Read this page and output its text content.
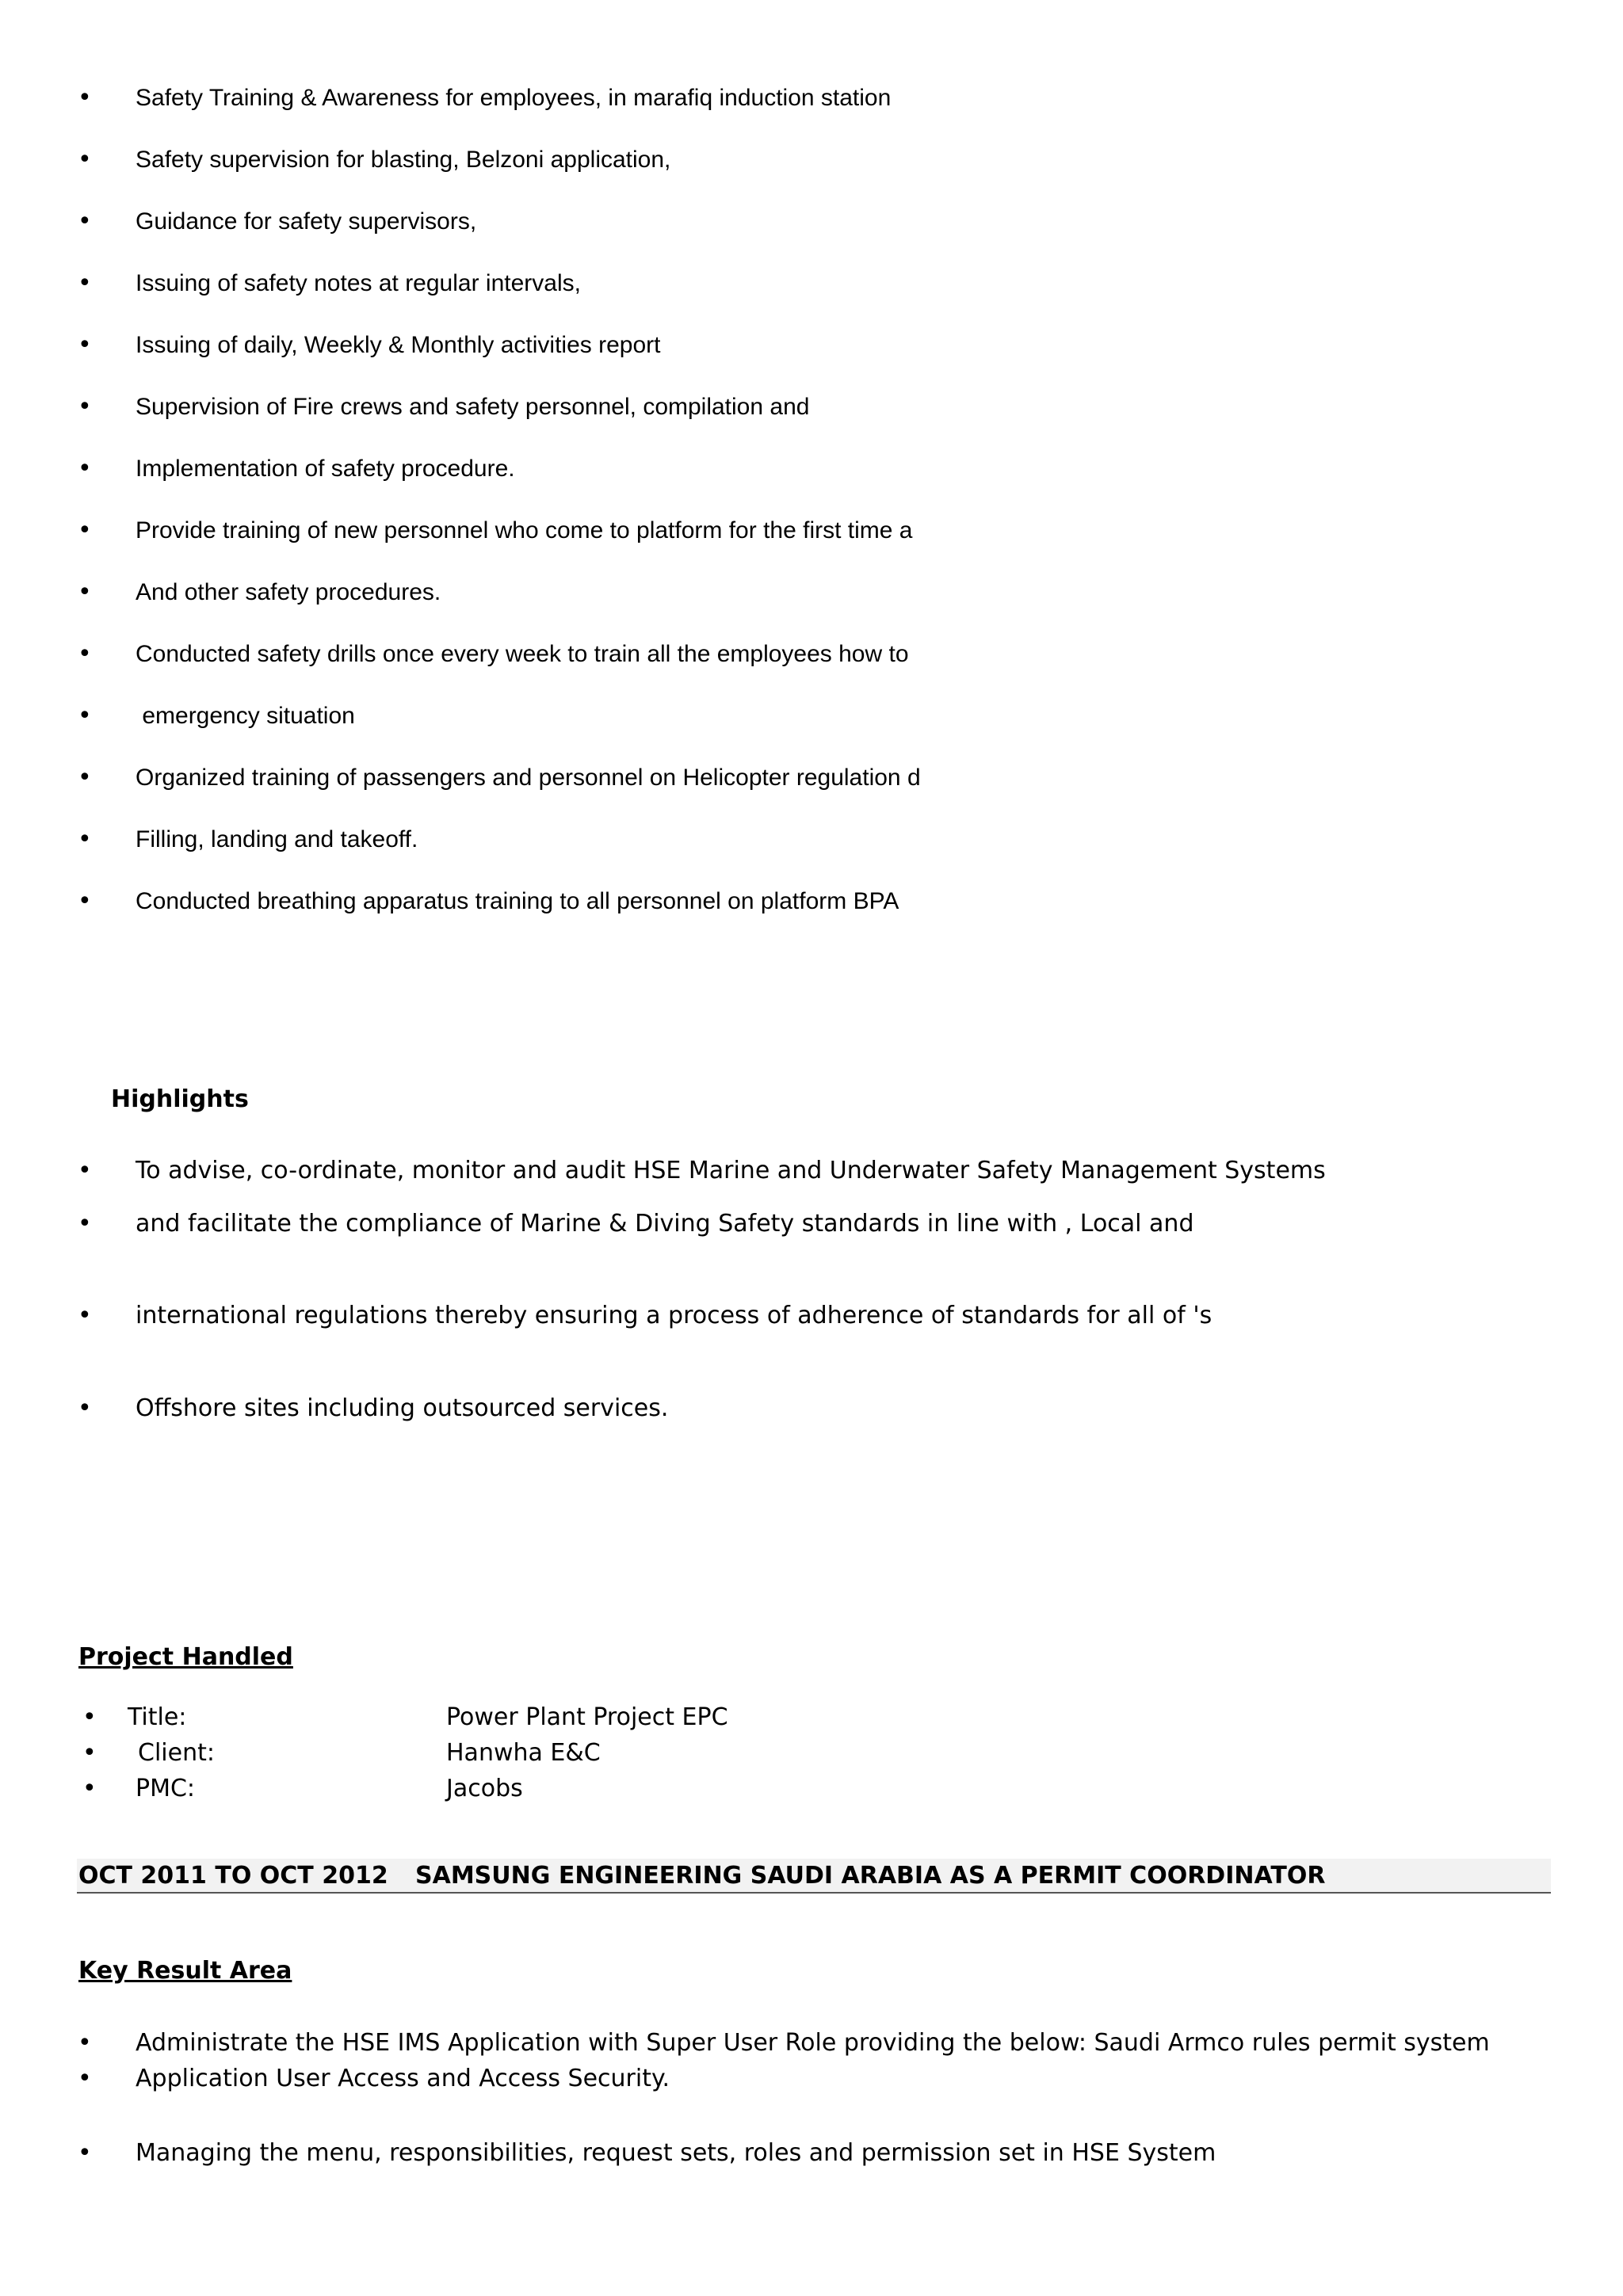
• Safety Training & Awareness for employees, in marafiq induction station
• Safety supervision for blasting, Belzoni application,
• Guidance for safety supervisors,
• Issuing of safety notes at regular intervals,
• Issuing of daily, Weekly & Monthly activities report
• Supervision of Fire crews and safety personnel, compilation and
• Implementation of safety procedure.
• Provide training of new personnel who come to platform for the first time a
• And other safety procedures.
• Conducted safety drills once every week to train all the employees how to
• emergency situation
• Organized training of passengers and personnel on Helicopter regulation d
• Filling, landing and takeoff.
• Conducted breathing apparatus training to all personnel on platform BPA
Highlights
• To advise, co-ordinate, monitor and audit HSE Marine and Underwater Safety Management Systems
• and facilitate the compliance of Marine & Diving Safety standards in line with , Local and
• international regulations thereby ensuring a process of adherence of standards for all of 's
• Offshore sites including outsourced services.
Project Handled
• Title:	Power Plant Project EPC
• Client:	Hanwha E&C
• PMC:	Jacobs
OCT 2011 TO OCT 2012 SAMSUNG ENGINEERING SAUDI ARABIA AS A PERMIT COORDINATOR
Key Result Area
• Administrate the HSE IMS Application with Super User Role providing the below: Saudi Armco rules permit system
• Application User Access and Access Security.
• Managing the menu, responsibilities, request sets, roles and permission set in HSE System
